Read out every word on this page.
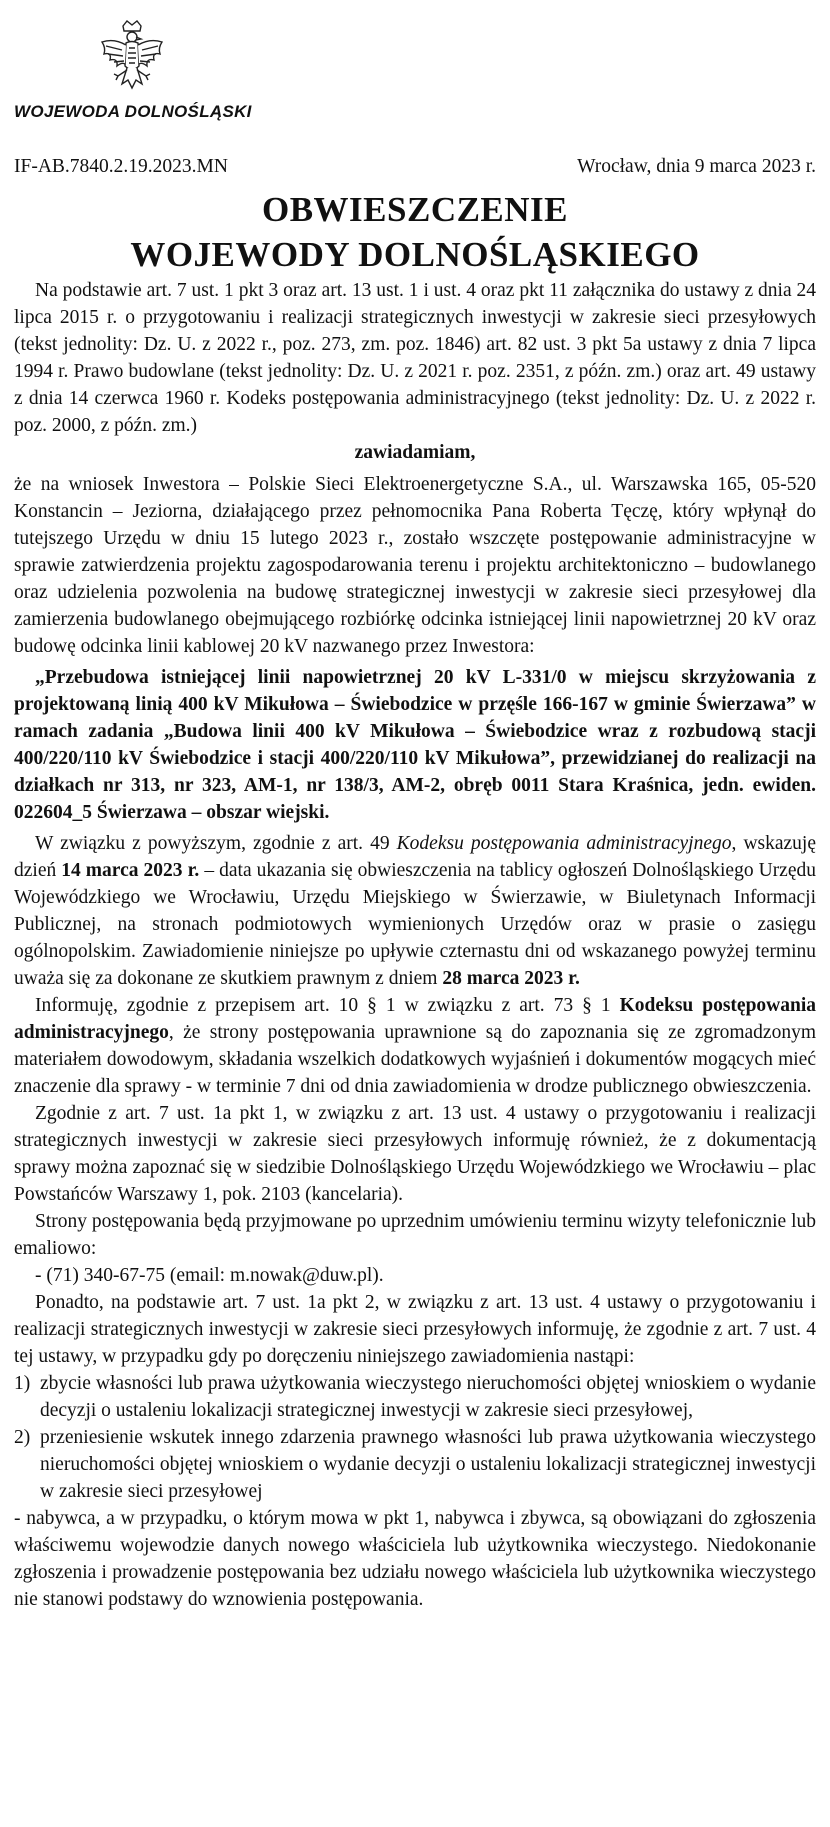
WOJEWODA DOLNOŚLĄSKI
IF-AB.7840.2.19.2023.MN	Wrocław, dnia 9 marca 2023 r.
OBWIESZCZENIE
WOJEWODY DOLNOŚLĄSKIEGO

Na podstawie art. 7 ust. 1 pkt 3 oraz art. 13 ust. 1 i ust. 4 oraz pkt 11 załącznika do ustawy z dnia 24 lipca 2015 r. o przygotowaniu i realizacji strategicznych inwestycji w zakresie sieci przesyłowych (tekst jednolity: Dz. U. z 2022 r., poz. 273, zm. poz. 1846) art. 82 ust. 3 pkt 5a ustawy z dnia 7 lipca 1994 r. Prawo budowlane (tekst jednolity: Dz. U. z 2021 r. poz. 2351, z późn. zm.) oraz art. 49 ustawy z dnia 14 czerwca 1960 r. Kodeks postępowania administracyjnego (tekst jednolity: Dz. U. z 2022 r. poz. 2000, z późn. zm.)

zawiadamiam,

że na wniosek Inwestora – Polskie Sieci Elektroenergetyczne S.A., ul. Warszawska 165, 05-520 Konstancin – Jeziorna, działającego przez pełnomocnika Pana Roberta Tęczę, który wpłynął do tutejszego Urzędu w dniu 15 lutego 2023 r., zostało wszczęte postępowanie administracyjne w sprawie zatwierdzenia projektu zagospodarowania terenu i projektu architektoniczno – budowlanego oraz udzielenia pozwolenia na budowę strategicznej inwestycji w zakresie sieci przesyłowej dla zamierzenia budowlanego obejmującego rozbiórkę odcinka istniejącej linii napowietrznej 20 kV oraz budowę odcinka linii kablowej 20 kV nazwanego przez Inwestora:

„Przebudowa istniejącej linii napowietrznej 20 kV L-331/0 w miejscu skrzyżowania z projektowaną linią 400 kV Mikułowa – Świebodzice w przęśle 166-167 w gminie Świerzawa” w ramach zadania „Budowa linii 400 kV Mikułowa – Świebodzice wraz z rozbudową stacji 400/220/110 kV Świebodzice i stacji 400/220/110 kV Mikułowa”, przewidzianej do realizacji na działkach nr 313, nr 323, AM-1, nr 138/3, AM-2, obręb 0011 Stara Kraśnica, jedn. ewiden. 022604_5 Świerzawa – obszar wiejski.

W związku z powyższym, zgodnie z art. 49 Kodeksu postępowania administracyjnego, wskazuję dzień 14 marca 2023 r. – data ukazania się obwieszczenia na tablicy ogłoszeń Dolnośląskiego Urzędu Wojewódzkiego we Wrocławiu, Urzędu Miejskiego w Świerzawie, w Biuletynach Informacji Publicznej, na stronach podmiotowych wymienionych Urzędów oraz w prasie o zasięgu ogólnopolskim. Zawiadomienie niniejsze po upływie czternastu dni od wskazanego powyżej terminu uważa się za dokonane ze skutkiem prawnym z dniem 28 marca 2023 r.

Informuję, zgodnie z przepisem art. 10 § 1 w związku z art. 73 § 1 Kodeksu postępowania administracyjnego, że strony postępowania uprawnione są do zapoznania się ze zgromadzonym materiałem dowodowym, składania wszelkich dodatkowych wyjaśnień i dokumentów mogących mieć znaczenie dla sprawy - w terminie 7 dni od dnia zawiadomienia w drodze publicznego obwieszczenia.

Zgodnie z art. 7 ust. 1a pkt 1, w związku z art. 13 ust. 4 ustawy o przygotowaniu i realizacji strategicznych inwestycji w zakresie sieci przesyłowych informuję również, że z dokumentacją sprawy można zapoznać się w siedzibie Dolnośląskiego Urzędu Wojewódzkiego we Wrocławiu – plac Powstańców Warszawy 1, pok. 2103 (kancelaria).

Strony postępowania będą przyjmowane po uprzednim umówieniu terminu wizyty telefonicznie lub emaliowo:

- (71) 340-67-75 (email: m.nowak@duw.pl).

Ponadto, na podstawie art. 7 ust. 1a pkt 2, w związku z art. 13 ust. 4 ustawy o przygotowaniu i realizacji strategicznych inwestycji w zakresie sieci przesyłowych informuję, że zgodnie z art. 7 ust. 4 tej ustawy, w przypadku gdy po doręczeniu niniejszego zawiadomienia nastąpi:

1) zbycie własności lub prawa użytkowania wieczystego nieruchomości objętej wnioskiem o wydanie decyzji o ustaleniu lokalizacji strategicznej inwestycji w zakresie sieci przesyłowej,
2) przeniesienie wskutek innego zdarzenia prawnego własności lub prawa użytkowania wieczystego nieruchomości objętej wnioskiem o wydanie decyzji o ustaleniu lokalizacji strategicznej inwestycji w zakresie sieci przesyłowej

- nabywca, a w przypadku, o którym mowa w pkt 1, nabywca i zbywca, są obowiązani do zgłoszenia właściwemu wojewodzie danych nowego właściciela lub użytkownika wieczystego. Niedokonanie zgłoszenia i prowadzenie postępowania bez udziału nowego właściciela lub użytkownika wieczystego nie stanowi podstawy do wznowienia postępowania.
